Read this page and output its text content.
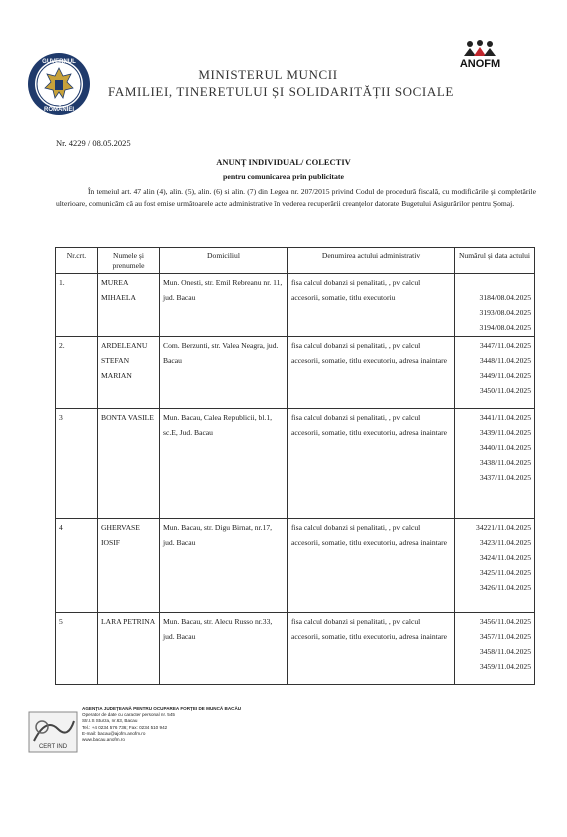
GUVERNUL
ROMÂNIEI
MINISTERUL MUNCII
FAMILIEI, TINERETULUI ȘI SOLIDARITĂȚII SOCIALE
ANOFM
Nr. 4229 / 08.05.2025
ANUNȚ INDIVIDUAL/ COLECTIV
pentru comunicarea prin publicitate
În temeiul art. 47 alin (4), alin. (5), alin. (6) si alin. (7) din Legea nr. 207/2015 privind Codul de procedură fiscală, cu modificările şi completările ulterioare, comunicăm că au fost emise următoarele acte administrative în vederea recuperării creanţelor datorate Bugetului Asigurărilor pentru Şomaj.
Nr.crt.	Numele și prenumele	Domiciliul	Denumirea actului administrativ	Numărul și data actului
1.	MUREA MIHAELA	Mun. Onesti, str. Emil Rebreanu nr. 11, jud. Bacau	fisa calcul dobanzi si penalitati, , pv calcul accesorii, somatie, titlu executoriu	3184/08.04.2025
3193/08.04.2025
3194/08.04.2025

2.	ARDELEANU STEFAN MARIAN	Com. Berzunti, str. Valea Neagra, jud. Bacau	fisa calcul dobanzi si penalitati, , pv calcul accesorii, somatie, titlu executoriu, adresa inaintare	3447/11.04.2025
3448/11.04.2025
3449/11.04.2025
3450/11.04.2025

3	BONTA VASILE	Mun. Bacau, Calea Republicii, bl.1, sc.E, Jud. Bacau	fisa calcul dobanzi si penalitati, , pv calcul accesorii, somatie, titlu executoriu, adresa inaintare	3441/11.04.2025
3439/11.04.2025
3440/11.04.2025
3438/11.04.2025
3437/11.04.2025

4	GHERVASE IOSIF	Mun. Bacau, str. Digu Birnat, nr.17, jud. Bacau	fisa calcul dobanzi si penalitati, , pv calcul accesorii, somatie, titlu executoriu, adresa inaintare	34221/11.04.2025
3423/11.04.2025
3424/11.04.2025
3425/11.04.2025
3426/11.04.2025

5	LARA PETRINA	Mun. Bacau, str. Alecu Russo nr.33, jud. Bacau	fisa calcul dobanzi si penalitati, , pv calcul accesorii, somatie, titlu executoriu, adresa inaintare	3456/11.04.2025
3457/11.04.2025
3458/11.04.2025
3459/11.04.2025
CERT IND
AGENȚIA JUDEȚEANĂ PENTRU OCUPAREA FORȚEI DE MUNCĂ BACĂU
Operator de date cu caracter personal nr. 545
Str.I.S Sturza, nr.63, Bacau
Tel.: +4 0234 576 736; Fax: 0234 510 942
E-mail: bacau@ajofm.anofm.ro
www.bacau.anofm.ro
